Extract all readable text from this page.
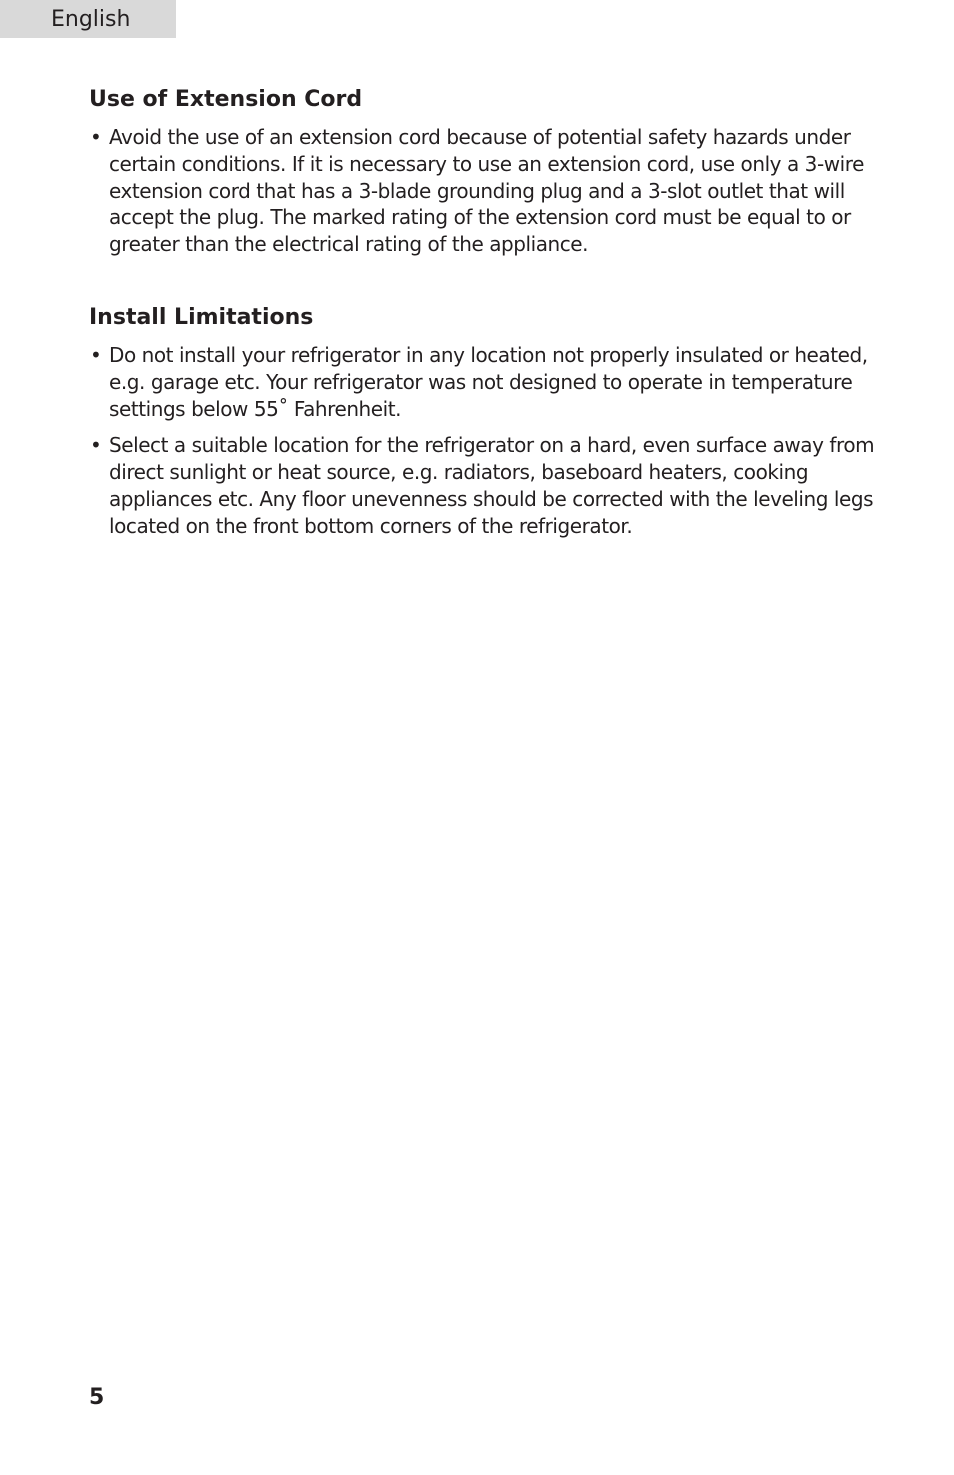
English
Use of Extension Cord
• Avoid the use of an extension cord because of potential safety hazards under certain conditions. If it is necessary to use an extension cord, use only a 3-wire extension cord that has a 3-blade grounding plug and a 3-slot outlet that will accept the plug. The marked rating of the extension cord must be equal to or greater than the electrical rating of the appliance.
Install Limitations
• Do not install your refrigerator in any location not properly insulated or heated, e.g. garage etc. Your refrigerator was not designed to operate in temperature settings below 55˚ Fahrenheit.
• Select a suitable location for the refrigerator on a hard, even surface away from direct sunlight or heat source, e.g. radiators, baseboard heaters, cooking appliances etc. Any floor unevenness should be corrected with the leveling legs located on the front bottom corners of the refrigerator.
5
